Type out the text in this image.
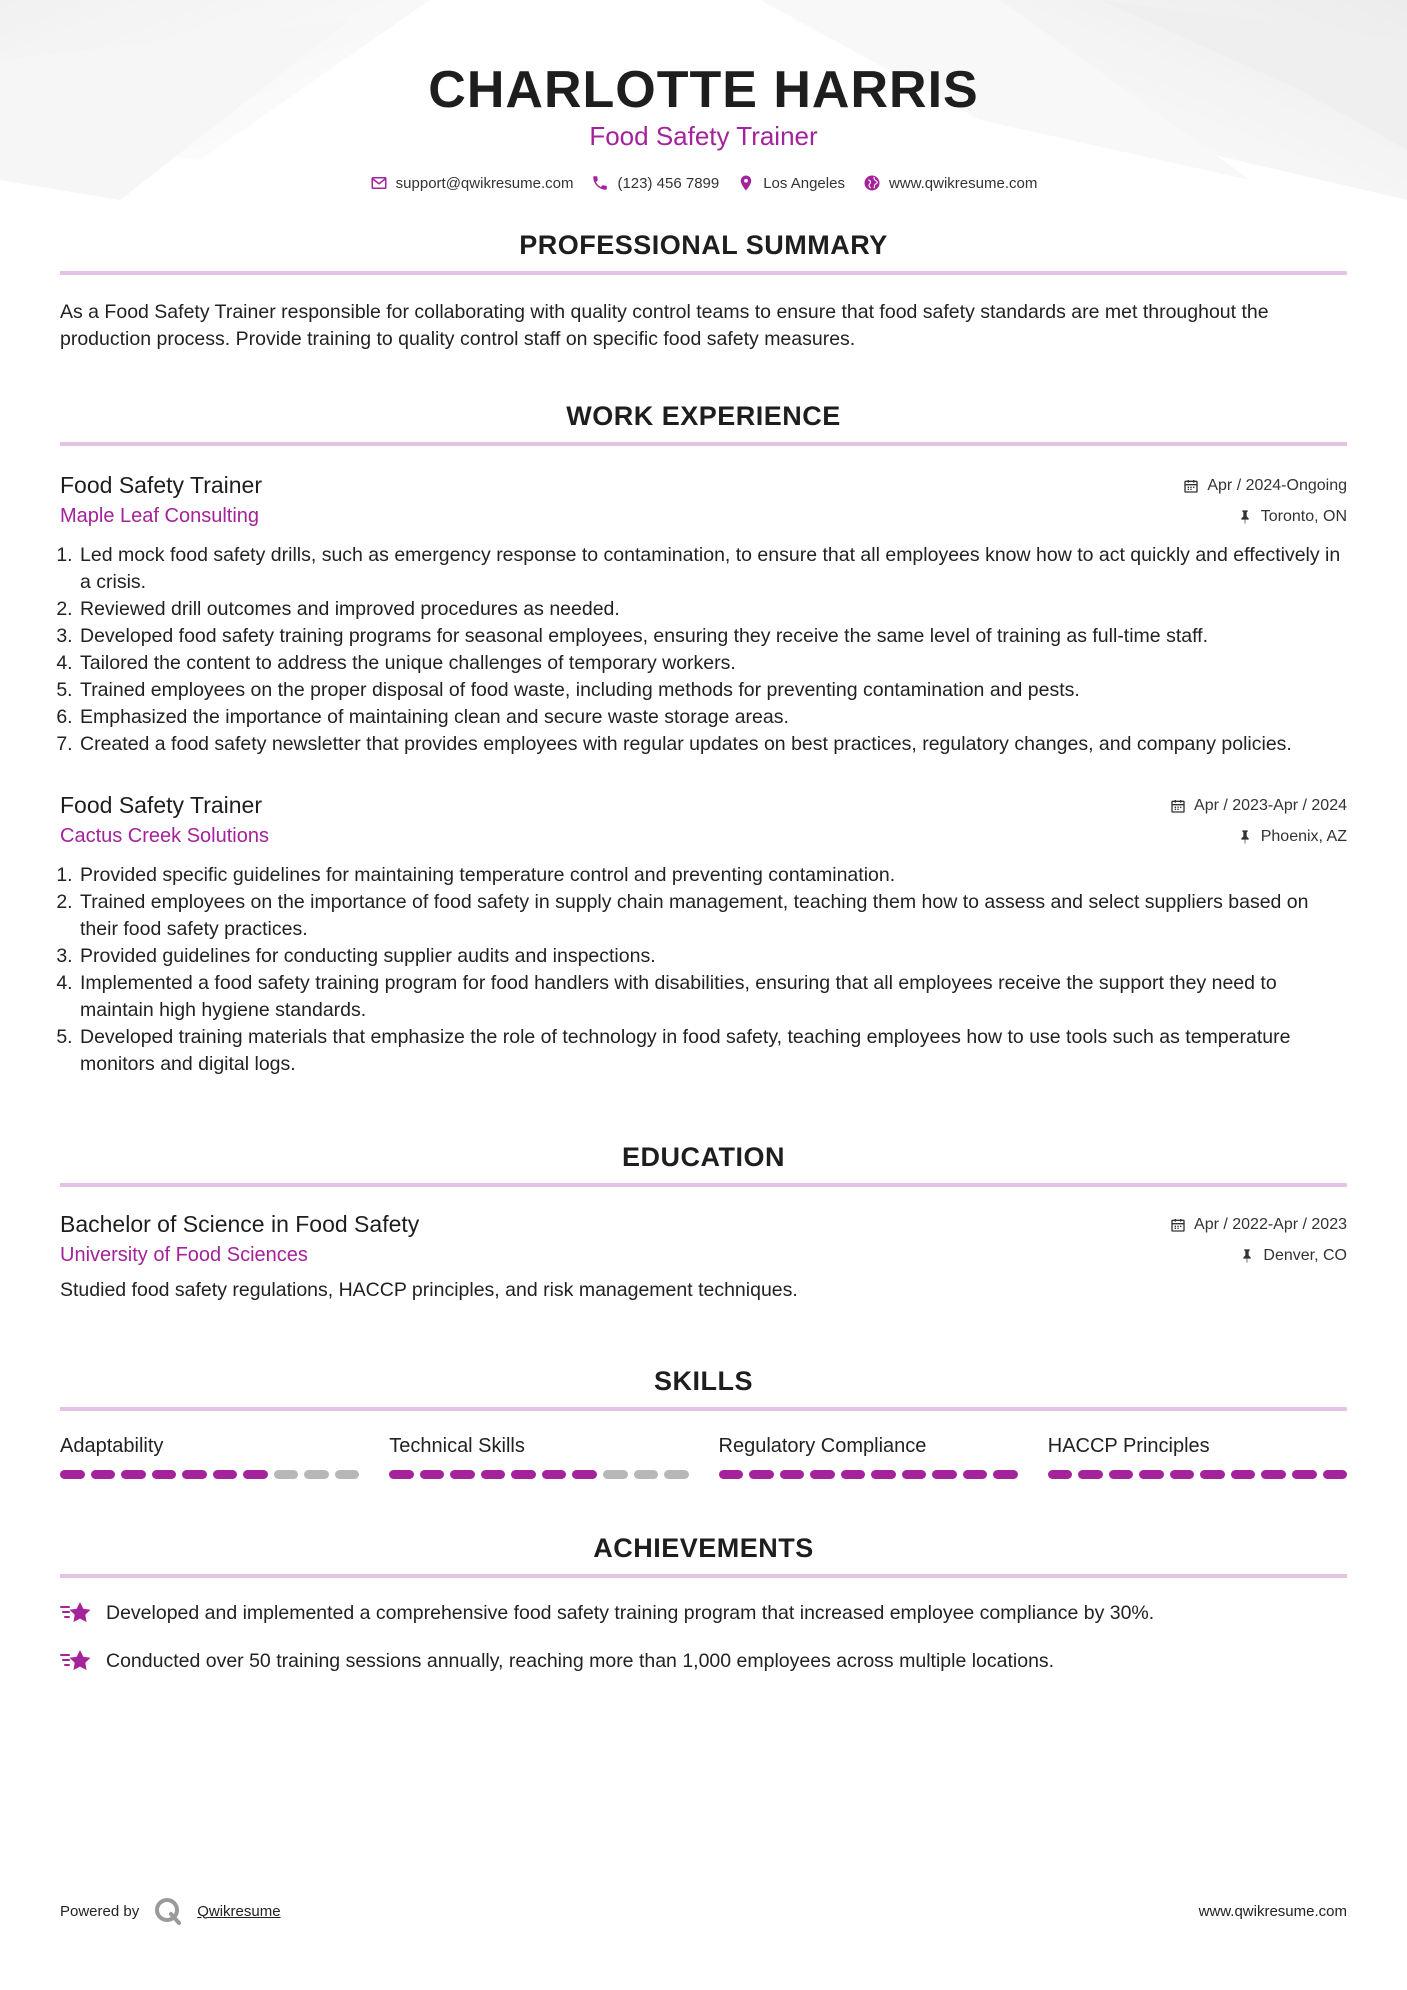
CHARLOTTE HARRIS
Food Safety Trainer
support@qwikresume.com	(123) 456 7899	Los Angeles	www.qwikresume.com
PROFESSIONAL SUMMARY
As a Food Safety Trainer responsible for collaborating with quality control teams to ensure that food safety standards are met throughout the production process. Provide training to quality control staff on specific food safety measures.
WORK EXPERIENCE
Food Safety Trainer	Apr / 2024-Ongoing
Maple Leaf Consulting	Toronto, ON
1. Led mock food safety drills, such as emergency response to contamination, to ensure that all employees know how to act quickly and effectively in a crisis.
2. Reviewed drill outcomes and improved procedures as needed.
3. Developed food safety training programs for seasonal employees, ensuring they receive the same level of training as full-time staff.
4. Tailored the content to address the unique challenges of temporary workers.
5. Trained employees on the proper disposal of food waste, including methods for preventing contamination and pests.
6. Emphasized the importance of maintaining clean and secure waste storage areas.
7. Created a food safety newsletter that provides employees with regular updates on best practices, regulatory changes, and company policies.
Food Safety Trainer	Apr / 2023-Apr / 2024
Cactus Creek Solutions	Phoenix, AZ
1. Provided specific guidelines for maintaining temperature control and preventing contamination.
2. Trained employees on the importance of food safety in supply chain management, teaching them how to assess and select suppliers based on their food safety practices.
3. Provided guidelines for conducting supplier audits and inspections.
4. Implemented a food safety training program for food handlers with disabilities, ensuring that all employees receive the support they need to maintain high hygiene standards.
5. Developed training materials that emphasize the role of technology in food safety, teaching employees how to use tools such as temperature monitors and digital logs.
EDUCATION
Bachelor of Science in Food Safety	Apr / 2022-Apr / 2023
University of Food Sciences	Denver, CO
Studied food safety regulations, HACCP principles, and risk management techniques.
SKILLS
Adaptability	Technical Skills	Regulatory Compliance	HACCP Principles
ACHIEVEMENTS
Developed and implemented a comprehensive food safety training program that increased employee compliance by 30%.
Conducted over 50 training sessions annually, reaching more than 1,000 employees across multiple locations.
Powered by	Qwikresume	www.qwikresume.com
